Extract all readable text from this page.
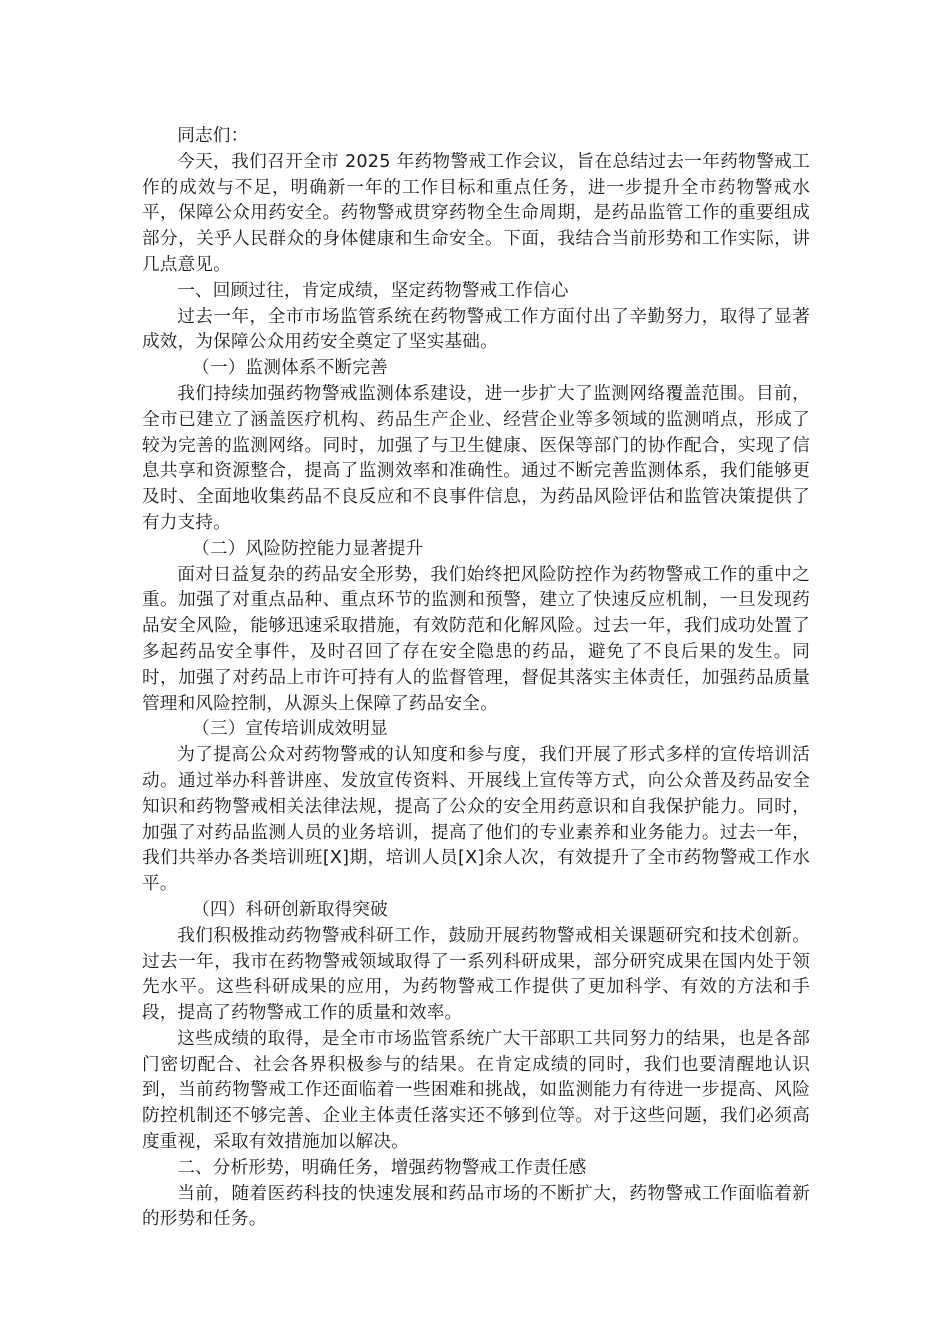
同志们：

今天，我们召开全市 2025 年药物警戒工作会议，旨在总结过去一年药物警戒工作的成效与不足，明确新一年的工作目标和重点任务，进一步提升全市药物警戒水平，保障公众用药安全。药物警戒贯穿药物全生命周期，是药品监管工作的重要组成部分，关乎人民群众的身体健康和生命安全。下面，我结合当前形势和工作实际，讲几点意见。

一、回顾过往，肯定成绩，坚定药物警戒工作信心

过去一年，全市市场监管系统在药物警戒工作方面付出了辛勤努力，取得了显著成效，为保障公众用药安全奠定了坚实基础。

（一）监测体系不断完善

我们持续加强药物警戒监测体系建设，进一步扩大了监测网络覆盖范围。目前，全市已建立了涵盖医疗机构、药品生产企业、经营企业等多领域的监测哨点，形成了较为完善的监测网络。同时，加强了与卫生健康、医保等部门的协作配合，实现了信息共享和资源整合，提高了监测效率和准确性。通过不断完善监测体系，我们能够更及时、全面地收集药品不良反应和不良事件信息，为药品风险评估和监管决策提供了有力支持。

（二）风险防控能力显著提升

面对日益复杂的药品安全形势，我们始终把风险防控作为药物警戒工作的重中之重。加强了对重点品种、重点环节的监测和预警，建立了快速反应机制，一旦发现药品安全风险，能够迅速采取措施，有效防范和化解风险。过去一年，我们成功处置了多起药品安全事件，及时召回了存在安全隐患的药品，避免了不良后果的发生。同时，加强了对药品上市许可持有人的监督管理，督促其落实主体责任，加强药品质量管理和风险控制，从源头上保障了药品安全。

（三）宣传培训成效明显

为了提高公众对药物警戒的认知度和参与度，我们开展了形式多样的宣传培训活动。通过举办科普讲座、发放宣传资料、开展线上宣传等方式，向公众普及药品安全知识和药物警戒相关法律法规，提高了公众的安全用药意识和自我保护能力。同时，加强了对药品监测人员的业务培训，提高了他们的专业素养和业务能力。过去一年，我们共举办各类培训班[X]期，培训人员[X]余人次，有效提升了全市药物警戒工作水平。

（四）科研创新取得突破

我们积极推动药物警戒科研工作，鼓励开展药物警戒相关课题研究和技术创新。过去一年，我市在药物警戒领域取得了一系列科研成果，部分研究成果在国内处于领先水平。这些科研成果的应用，为药物警戒工作提供了更加科学、有效的方法和手段，提高了药物警戒工作的质量和效率。

这些成绩的取得，是全市市场监管系统广大干部职工共同努力的结果，也是各部门密切配合、社会各界积极参与的结果。在肯定成绩的同时，我们也要清醒地认识到，当前药物警戒工作还面临着一些困难和挑战，如监测能力有待进一步提高、风险防控机制还不够完善、企业主体责任落实还不够到位等。对于这些问题，我们必须高度重视，采取有效措施加以解决。

二、分析形势，明确任务，增强药物警戒工作责任感

当前，随着医药科技的快速发展和药品市场的不断扩大，药物警戒工作面临着新的形势和任务。
